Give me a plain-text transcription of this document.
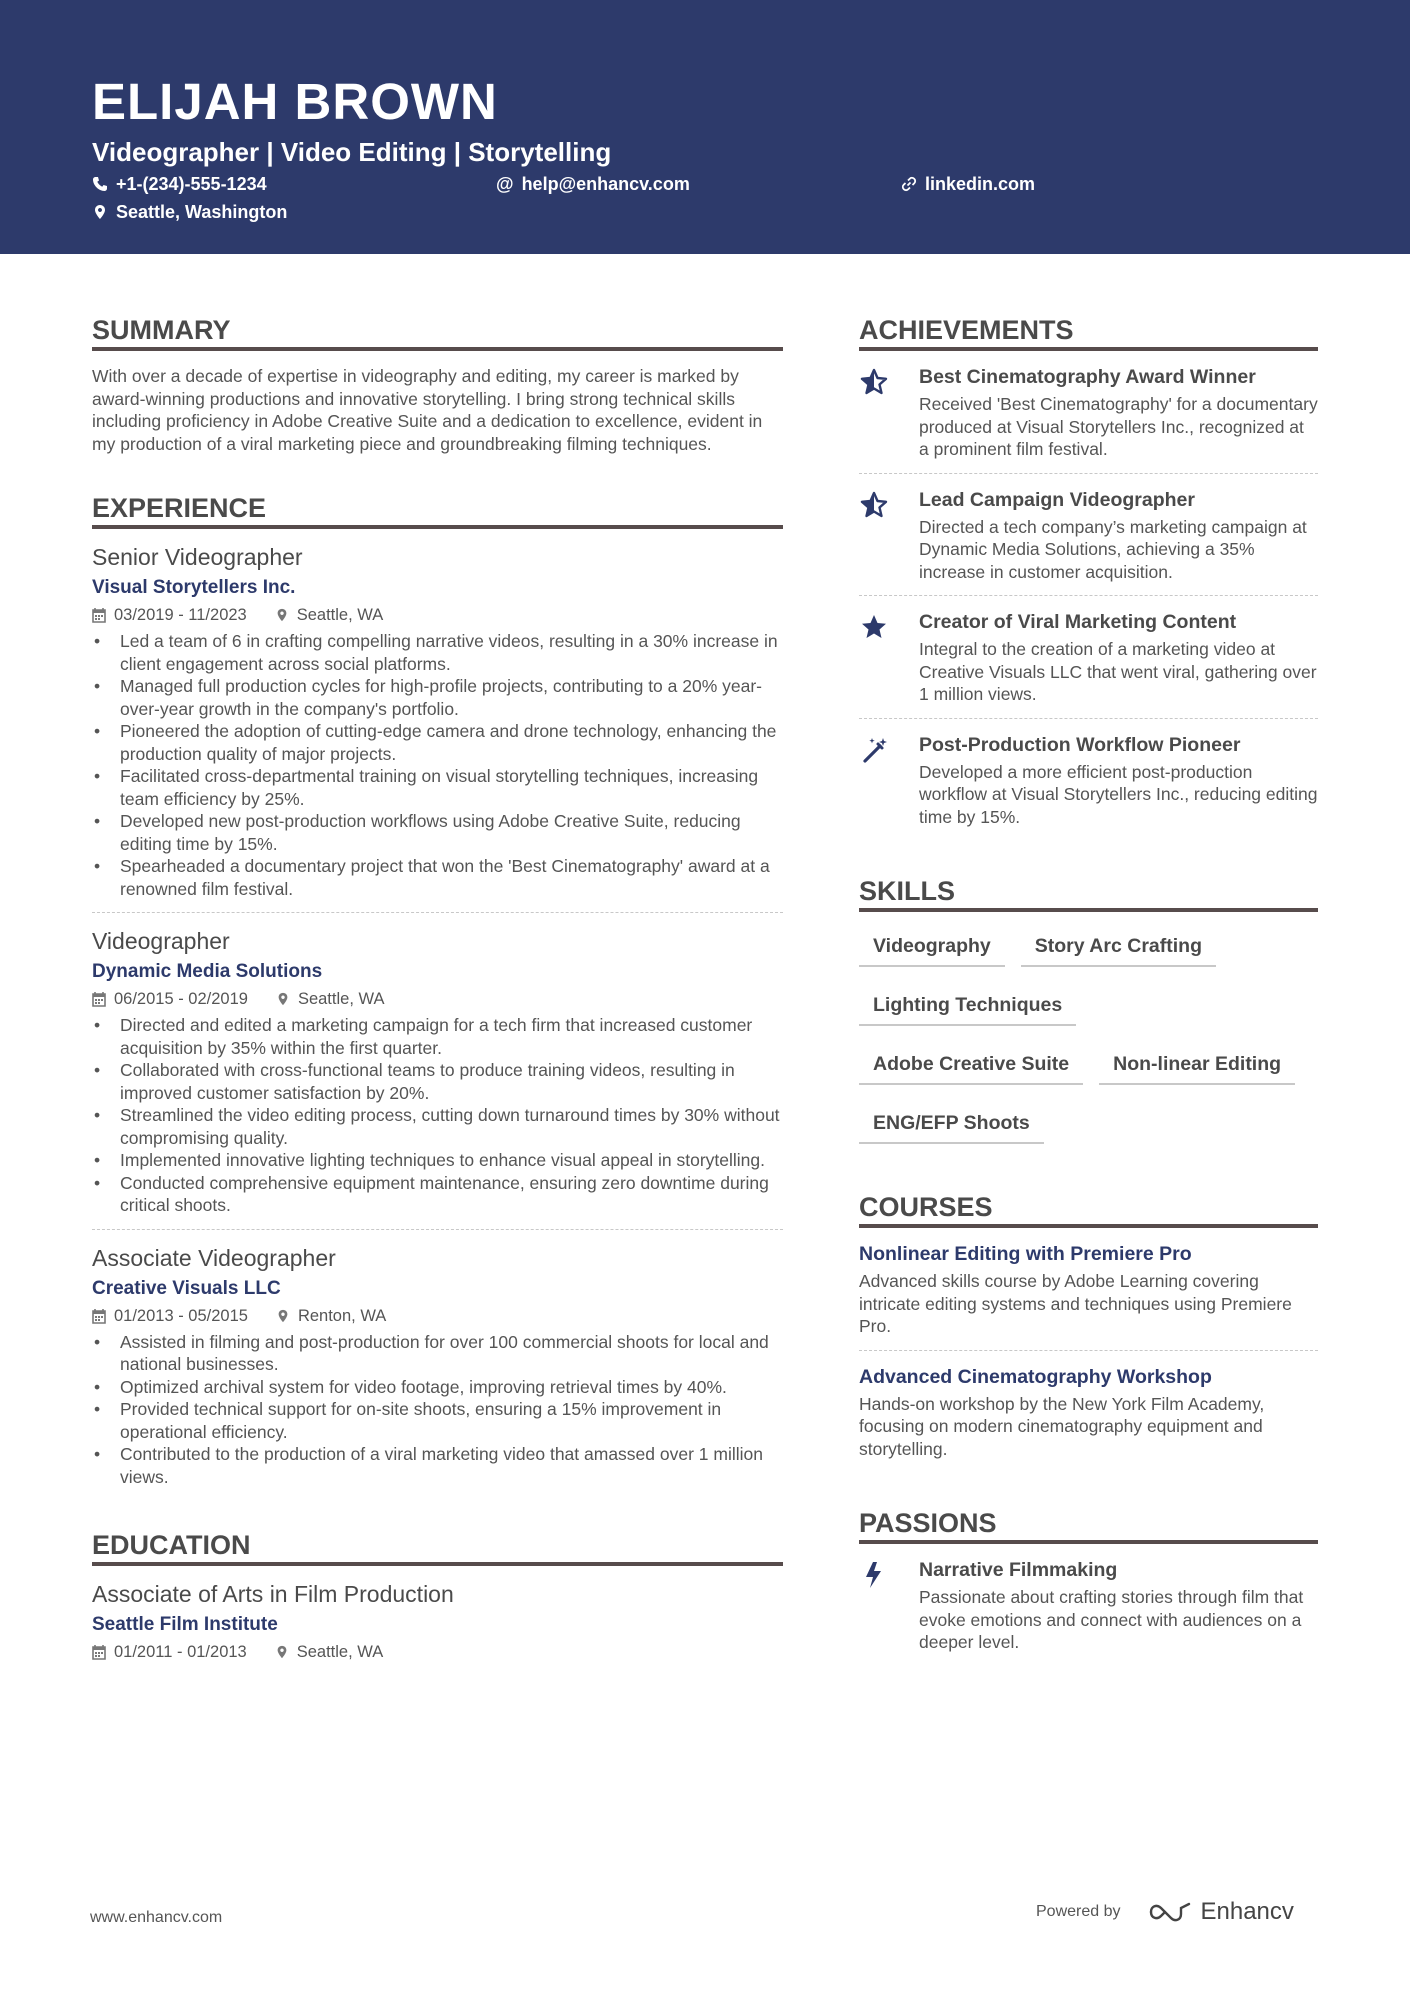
ELIJAH BROWN
Videographer | Video Editing | Storytelling
+1-(234)-555-1234	@ help@enhancv.com	linkedin.com
Seattle, Washington
SUMMARY
With over a decade of expertise in videography and editing, my career is marked by award-winning productions and innovative storytelling. I bring strong technical skills including proficiency in Adobe Creative Suite and a dedication to excellence, evident in my production of a viral marketing piece and groundbreaking filming techniques.
EXPERIENCE
Senior Videographer
Visual Storytellers Inc.
03/2019 - 11/2023	Seattle, WA
• Led a team of 6 in crafting compelling narrative videos, resulting in a 30% increase in client engagement across social platforms.
• Managed full production cycles for high-profile projects, contributing to a 20% year-over-year growth in the company's portfolio.
• Pioneered the adoption of cutting-edge camera and drone technology, enhancing the production quality of major projects.
• Facilitated cross-departmental training on visual storytelling techniques, increasing team efficiency by 25%.
• Developed new post-production workflows using Adobe Creative Suite, reducing editing time by 15%.
• Spearheaded a documentary project that won the 'Best Cinematography' award at a renowned film festival.
Videographer
Dynamic Media Solutions
06/2015 - 02/2019	Seattle, WA
• Directed and edited a marketing campaign for a tech firm that increased customer acquisition by 35% within the first quarter.
• Collaborated with cross-functional teams to produce training videos, resulting in improved customer satisfaction by 20%.
• Streamlined the video editing process, cutting down turnaround times by 30% without compromising quality.
• Implemented innovative lighting techniques to enhance visual appeal in storytelling.
• Conducted comprehensive equipment maintenance, ensuring zero downtime during critical shoots.
Associate Videographer
Creative Visuals LLC
01/2013 - 05/2015	Renton, WA
• Assisted in filming and post-production for over 100 commercial shoots for local and national businesses.
• Optimized archival system for video footage, improving retrieval times by 40%.
• Provided technical support for on-site shoots, ensuring a 15% improvement in operational efficiency.
• Contributed to the production of a viral marketing video that amassed over 1 million views.
EDUCATION
Associate of Arts in Film Production
Seattle Film Institute
01/2011 - 01/2013	Seattle, WA
ACHIEVEMENTS
Best Cinematography Award Winner
Received 'Best Cinematography' for a documentary produced at Visual Storytellers Inc., recognized at a prominent film festival.
Lead Campaign Videographer
Directed a tech company’s marketing campaign at Dynamic Media Solutions, achieving a 35% increase in customer acquisition.
Creator of Viral Marketing Content
Integral to the creation of a marketing video at Creative Visuals LLC that went viral, gathering over 1 million views.
Post-Production Workflow Pioneer
Developed a more efficient post-production workflow at Visual Storytellers Inc., reducing editing time by 15%.
SKILLS
Videography	Story Arc Crafting
Lighting Techniques
Adobe Creative Suite	Non-linear Editing
ENG/EFP Shoots
COURSES
Nonlinear Editing with Premiere Pro
Advanced skills course by Adobe Learning covering intricate editing systems and techniques using Premiere Pro.
Advanced Cinematography Workshop
Hands-on workshop by the New York Film Academy, focusing on modern cinematography equipment and storytelling.
PASSIONS
Narrative Filmmaking
Passionate about crafting stories through film that evoke emotions and connect with audiences on a deeper level.
www.enhancv.com	Powered by	Enhancv
